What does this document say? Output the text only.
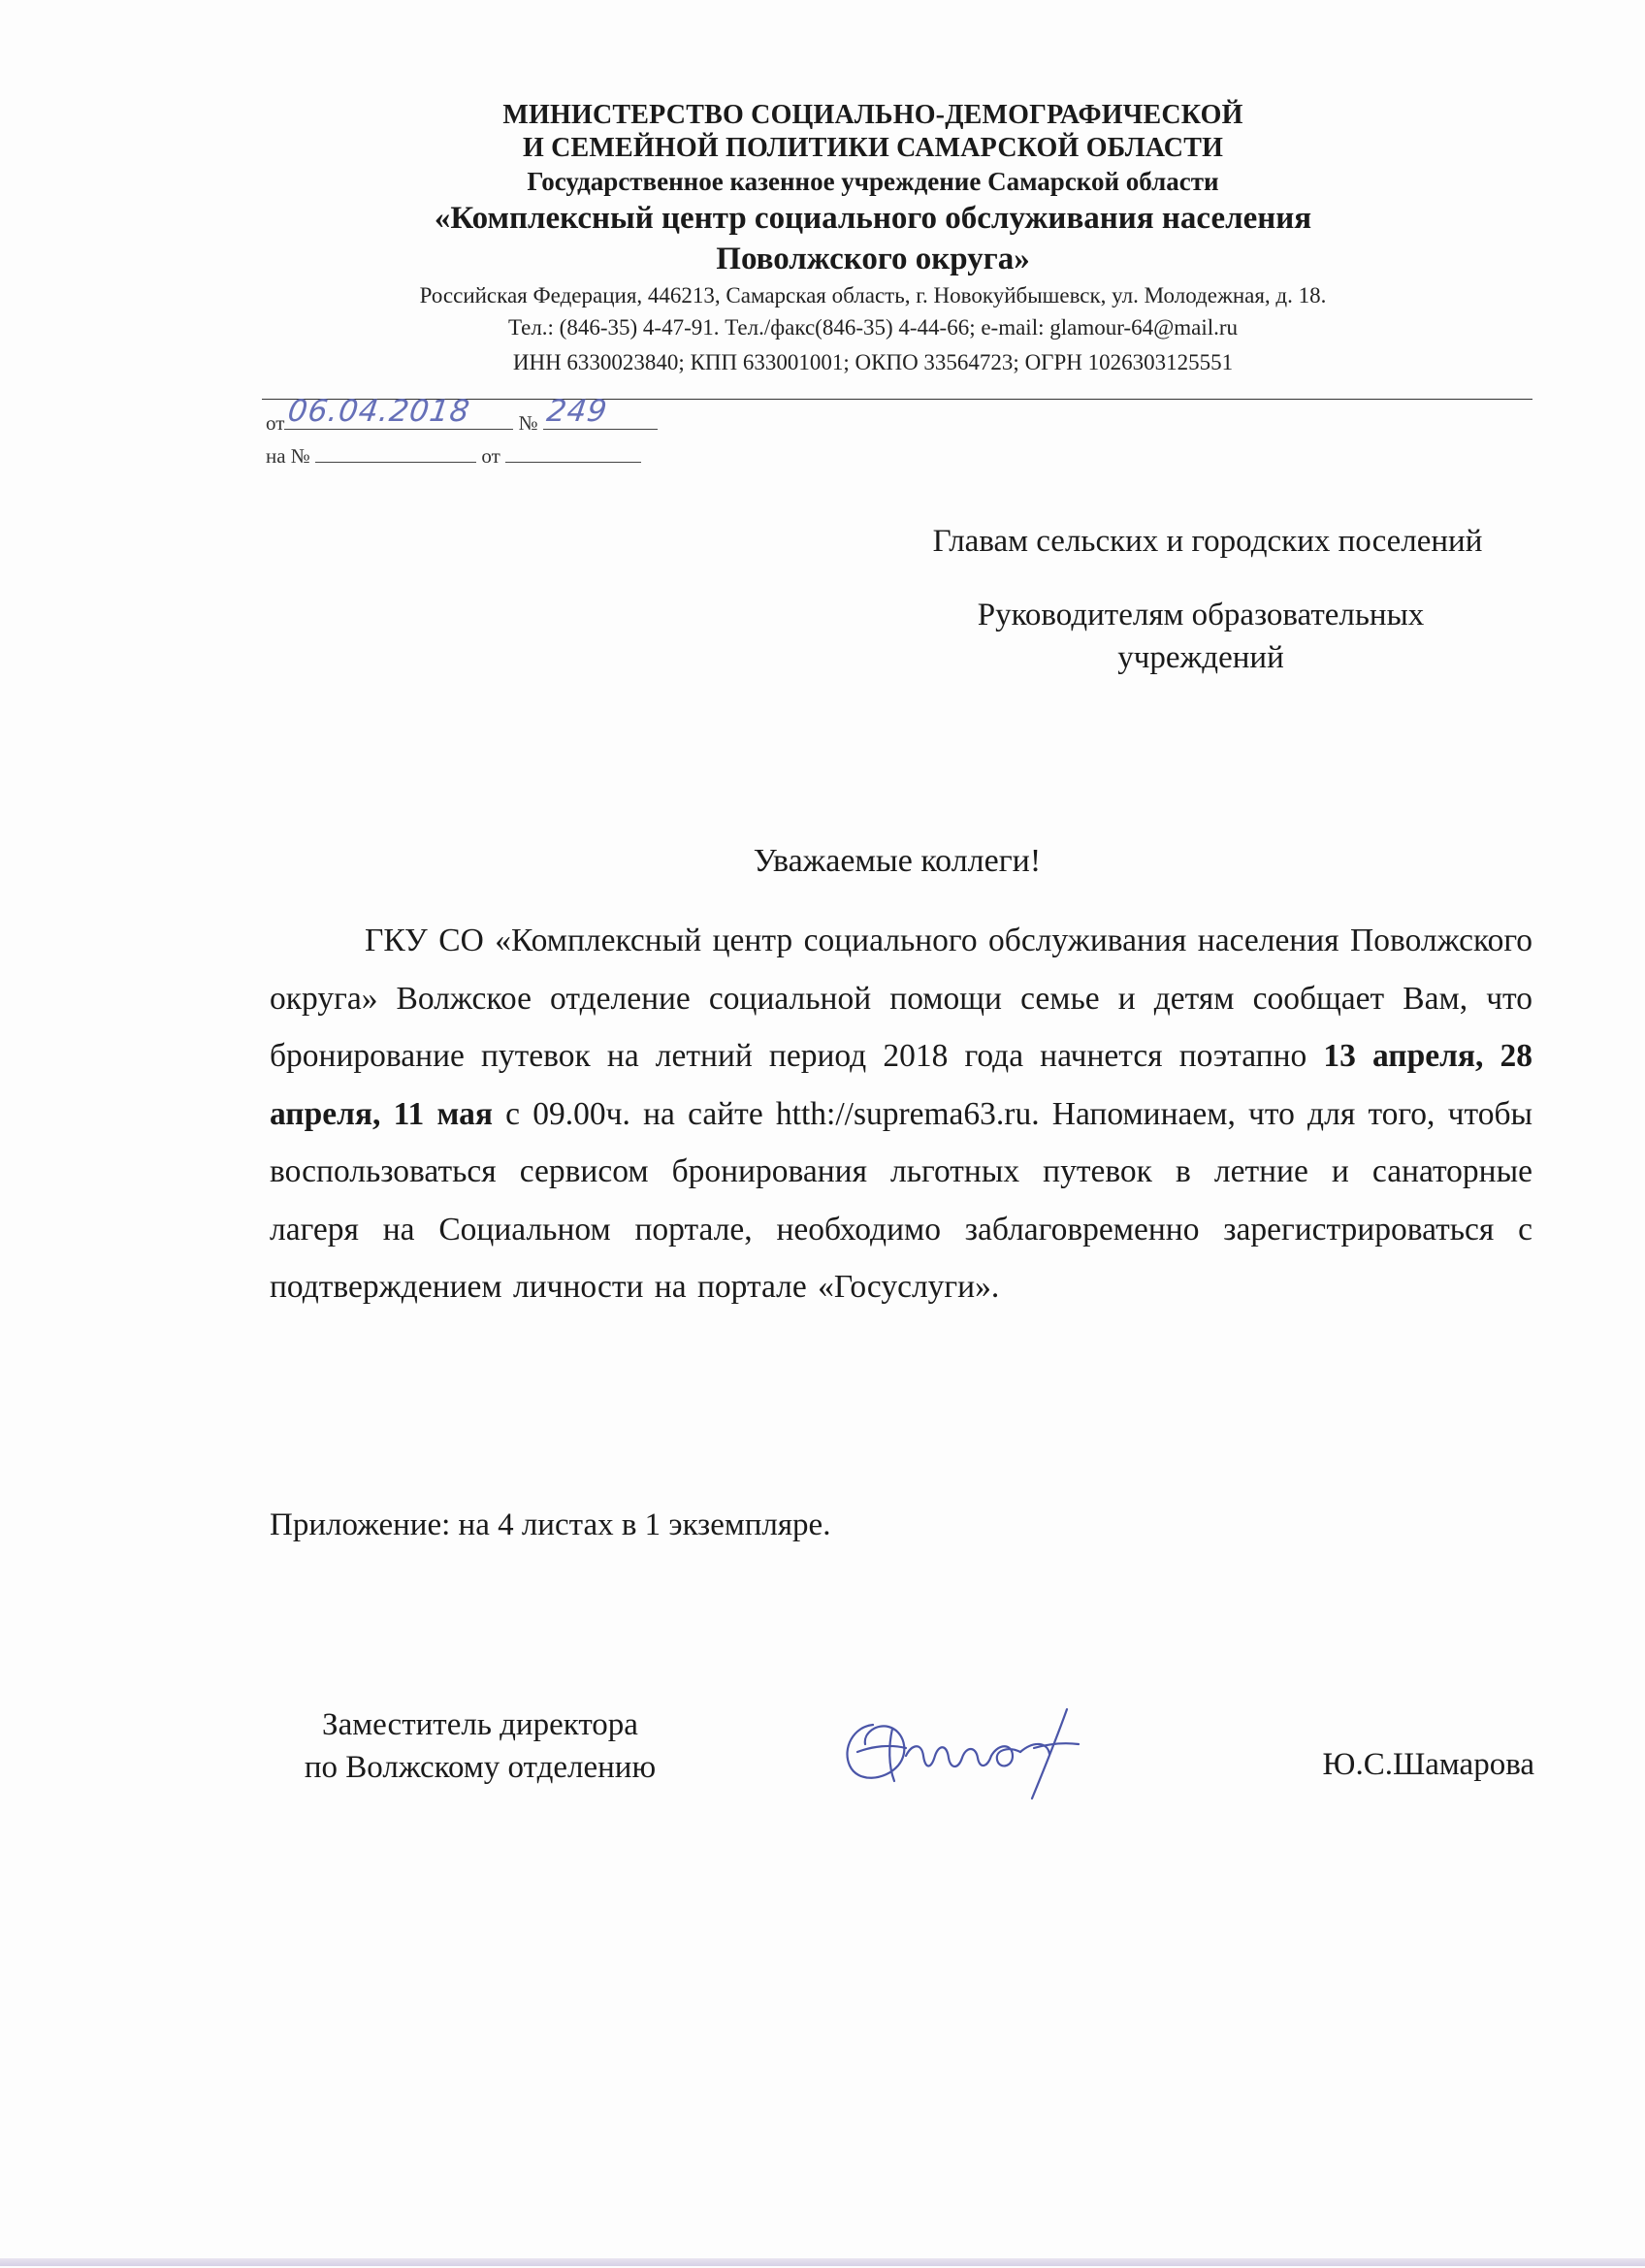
МИНИСТЕРСТВО СОЦИАЛЬНО-ДЕМОГРАФИЧЕСКОЙ
И СЕМЕЙНОЙ ПОЛИТИКИ САМАРСКОЙ ОБЛАСТИ
Государственное казенное учреждение Самарской области
«Комплексный центр социального обслуживания населения
Поволжского округа»
Российская Федерация, 446213, Самарская область, г. Новокуйбышевск, ул. Молодежная, д. 18.
Тел.: (846-35) 4-47-91. Тел./факс(846-35) 4-44-66; e-mail: glamour-64@mail.ru
ИНН 6330023840; КПП 633001001; ОКПО 33564723; ОГРН 1026303125551
от 06.04.2018 № 249
на №	от
Главам сельских и городских поселений
Руководителям образовательных
учреждений
Уважаемые коллеги!
ГКУ СО «Комплексный центр социального обслуживания населения Поволжского округа» Волжское отделение социальной помощи семье и детям сообщает Вам, что бронирование путевок на летний период 2018 года начнется поэтапно 13 апреля, 28 апреля, 11 мая с 09.00ч. на сайте htth://suprema63.ru. Напоминаем, что для того, чтобы воспользоваться сервисом бронирования льготных путевок в летние и санаторные лагеря на Социальном портале, необходимо заблаговременно зарегистрироваться с подтверждением личности на портале «Госуслуги».
Приложение: на 4 листах в 1 экземпляре.
Заместитель директора
по Волжскому отделению	Ю.С.Шамарова
